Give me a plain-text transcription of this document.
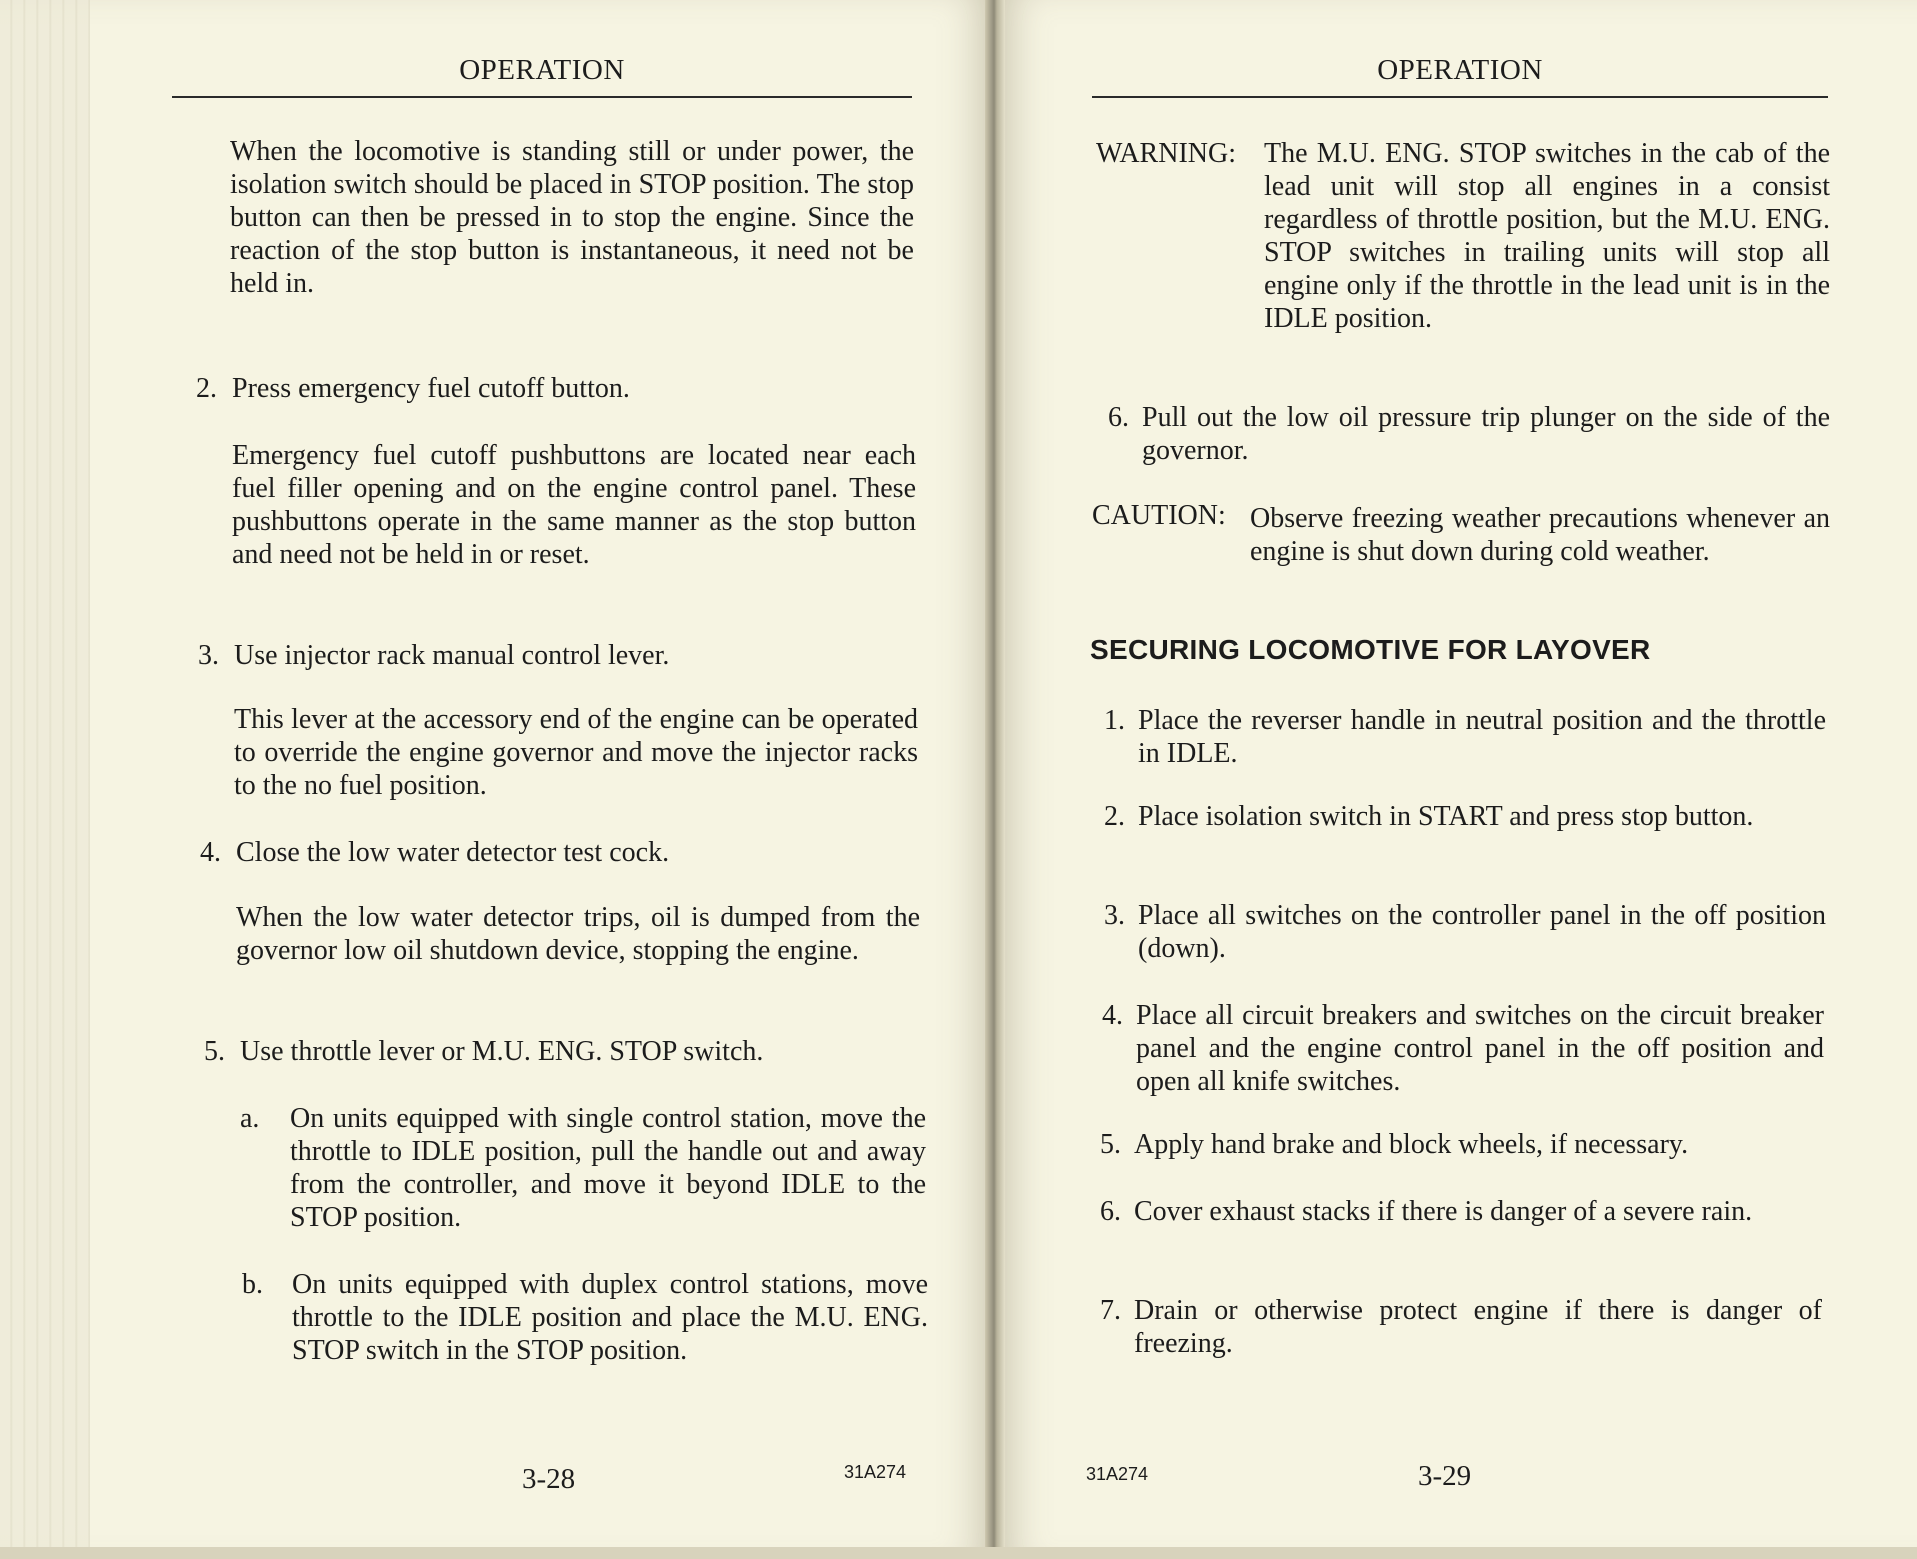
OPERATION
When the locomotive is standing still or under power, the isolation switch should be placed in STOP position. The stop button can then be pressed in to stop the engine. Since the reaction of the stop button is instantaneous, it need not be held in.
2. Press emergency fuel cutoff button.
Emergency fuel cutoff pushbuttons are located near each fuel filler opening and on the engine control panel. These pushbuttons operate in the same manner as the stop button and need not be held in or reset.
3. Use injector rack manual control lever.
This lever at the accessory end of the engine can be operated to override the engine governor and move the injector racks to the no fuel position.
4. Close the low water detector test cock.
When the low water detector trips, oil is dumped from the governor low oil shutdown device, stopping the engine.
5. Use throttle lever or M.U. ENG. STOP switch.
a. On units equipped with single control station, move the throttle to IDLE position, pull the handle out and away from the controller, and move it beyond IDLE to the STOP position.
b. On units equipped with duplex control stations, move throttle to the IDLE position and place the M.U. ENG. STOP switch in the STOP position.
3-28	31A274
OPERATION
WARNING: The M.U. ENG. STOP switches in the cab of the lead unit will stop all engines in a consist regardless of throttle position, but the M.U. ENG. STOP switches in trailing units will stop all engine only if the throttle in the lead unit is in the IDLE position.
6. Pull out the low oil pressure trip plunger on the side of the governor.
CAUTION: Observe freezing weather precautions whenever an engine is shut down during cold weather.
SECURING LOCOMOTIVE FOR LAYOVER
1. Place the reverser handle in neutral position and the throttle in IDLE.
2. Place isolation switch in START and press stop button.
3. Place all switches on the controller panel in the off position (down).
4. Place all circuit breakers and switches on the circuit breaker panel and the engine control panel in the off position and open all knife switches.
5. Apply hand brake and block wheels, if necessary.
6. Cover exhaust stacks if there is danger of a severe rain.
7. Drain or otherwise protect engine if there is danger of freezing.
31A274	3-29
